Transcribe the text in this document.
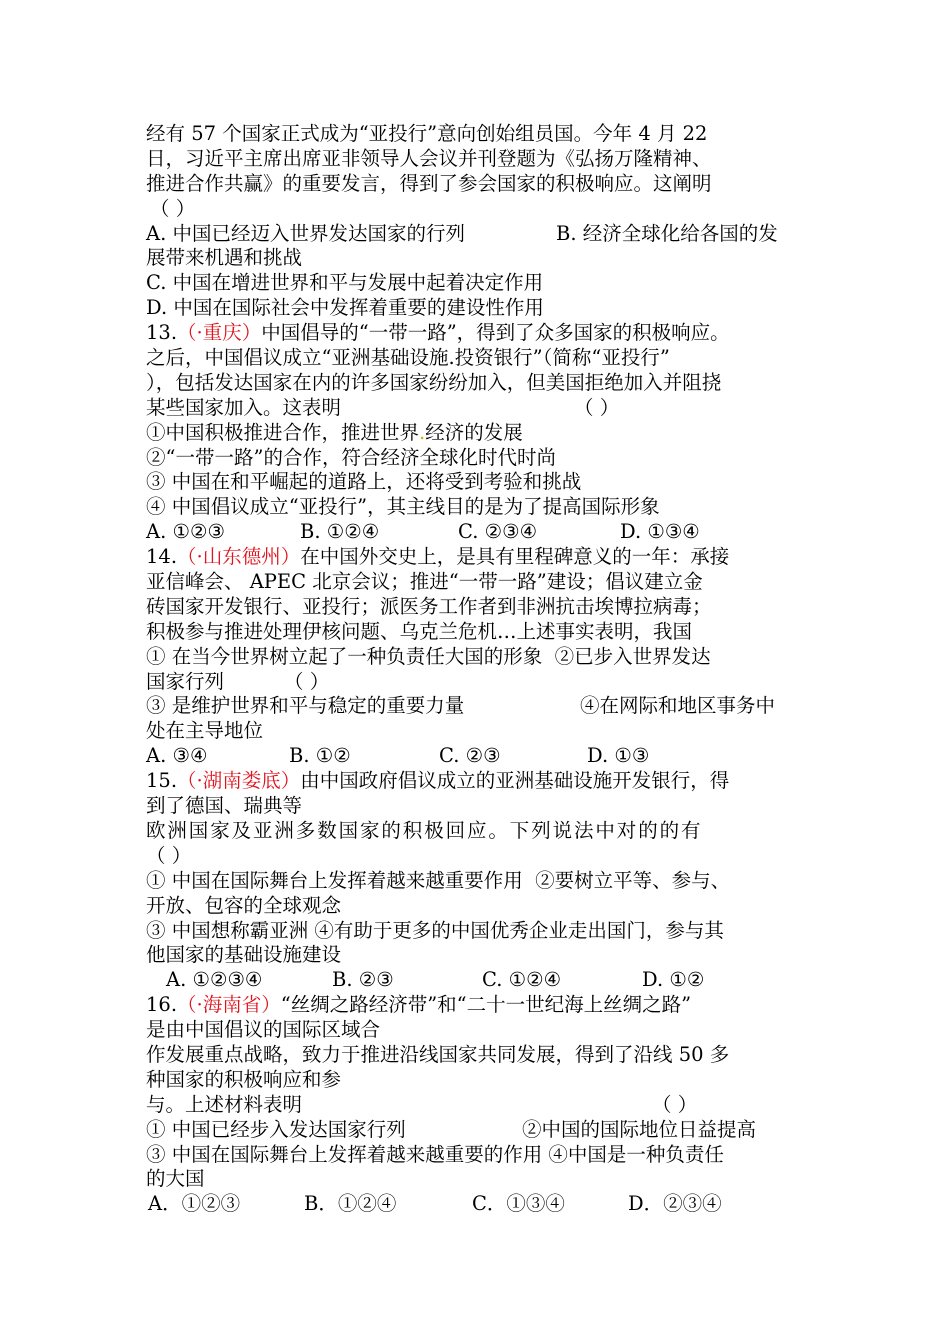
经有 57 个国家正式成为“亚投行”意向创始组员国。今年 4 月 22
日，习近平主席出席亚非领导人会议并刊登题为《弘扬万隆精神、
推进合作共赢》的重要发言，得到了参会国家的积极响应。这阐明
（ ）
A. 中国已经迈入世界发达国家的行列	B. 经济全球化给各国的发
展带来机遇和挑战
C. 中国在增进世界和平与发展中起着决定作用
D. 中国在国际社会中发挥着重要的建设性作用
13.（·重庆）中国倡导的“一带一路”，得到了众多国家的积极响应。
之后，中国倡议成立“亚洲基础设施.投资银行”（简称“亚投行”
），包括发达国家在内的许多国家纷纷加入，但美国拒绝加入并阻挠
某些国家加入。这表明	（ ）
①中国积极推进合作，推进世界.经济的发展
②“一带一路”的合作，符合经济全球化时代时尚
③ 中国在和平崛起的道路上，还将受到考验和挑战
④ 中国倡议成立“亚投行”，其主线目的是为了提高国际形象
A. ①②③	B. ①②④	C. ②③④	D. ①③④
14.（·山东德州）在中国外交史上，是具有里程碑意义的一年：承接
亚信峰会、 APEC 北京会议；推进“一带一路”建设；倡议建立金
砖国家开发银行、亚投行；派医务工作者到非洲抗击埃博拉病毒；
积极参与推进处理伊核问题、乌克兰危机…上述事实表明，我国
① 在当今世界树立起了一种负责任大国的形象 ②已步入世界发达
国家行列	（ ）
③ 是维护世界和平与稳定的重要力量	④在网际和地区事务中
处在主导地位
A. ③④	B. ①②	C. ②③	D. ①③
15.（·湖南娄底）由中国政府倡议成立的亚洲基础设施开发银行，得
到了德国、瑞典等
欧洲国家及亚洲多数国家的积极回应。下列说法中对的的有
（ ）
① 中国在国际舞台上发挥着越来越重要作用 ②要树立平等、参与、
开放、包容的全球观念
③ 中国想称霸亚洲 ④有助于更多的中国优秀企业走出国门，参与其
他国家的基础设施建设
A. ①②③④	B. ②③	C. ①②④	D. ①②
16.（·海南省）“丝绸之路经济带”和“二十一世纪海上丝绸之路”
是由中国倡议的国际区域合
作发展重点战略，致力于推进沿线国家共同发展，得到了沿线 50 多
种国家的积极响应和参
与。上述材料表明	（ ）
① 中国已经步入发达国家行列	②中国的国际地位日益提高
③ 中国在国际舞台上发挥着越来越重要的作用 ④中国是一种负责任
的大国
A．①②③	B．①②④	C．①③④	D．②③④
